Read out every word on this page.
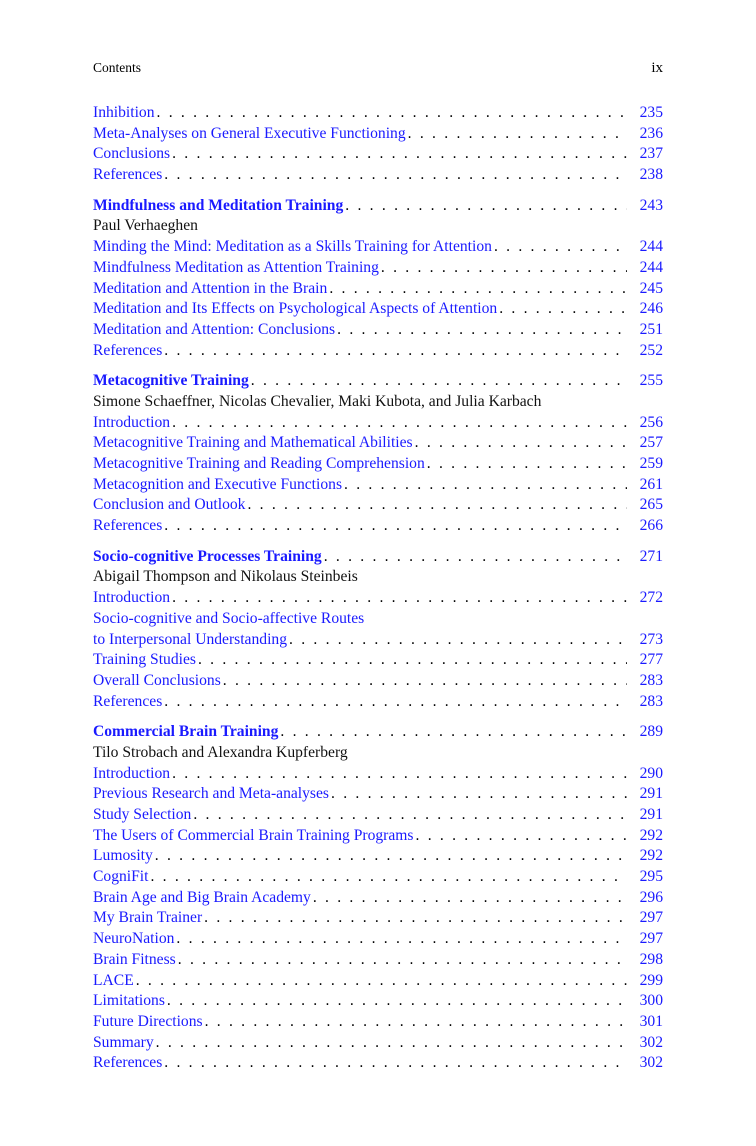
Contents	ix
Inhibition . . .	235
Meta-Analyses on General Executive Functioning . . .	236
Conclusions . . .	237
References . . .	238
Mindfulness and Meditation Training . . .	243
Paul Verhaeghen
Minding the Mind: Meditation as a Skills Training for Attention . . .	244
Mindfulness Meditation as Attention Training . . .	244
Meditation and Attention in the Brain . . .	245
Meditation and Its Effects on Psychological Aspects of Attention . . .	246
Meditation and Attention: Conclusions . . .	251
References . . .	252
Metacognitive Training . . .	255
Simone Schaeffner, Nicolas Chevalier, Maki Kubota, and Julia Karbach
Introduction . . .	256
Metacognitive Training and Mathematical Abilities . . .	257
Metacognitive Training and Reading Comprehension . . .	259
Metacognition and Executive Functions . . .	261
Conclusion and Outlook . . .	265
References . . .	266
Socio-cognitive Processes Training . . .	271
Abigail Thompson and Nikolaus Steinbeis
Introduction . . .	272
Socio-cognitive and Socio-affective Routes
to Interpersonal Understanding . . .	273
Training Studies . . .	277
Overall Conclusions . . .	283
References . . .	283
Commercial Brain Training . . .	289
Tilo Strobach and Alexandra Kupferberg
Introduction . . .	290
Previous Research and Meta-analyses . . .	291
Study Selection . . .	291
The Users of Commercial Brain Training Programs . . .	292
Lumosity . . .	292
CogniFit . . .	295
Brain Age and Big Brain Academy . . .	296
My Brain Trainer . . .	297
NeuroNation . . .	297
Brain Fitness . . .	298
LACE . . .	299
Limitations . . .	300
Future Directions . . .	301
Summary . . .	302
References . . .	302
